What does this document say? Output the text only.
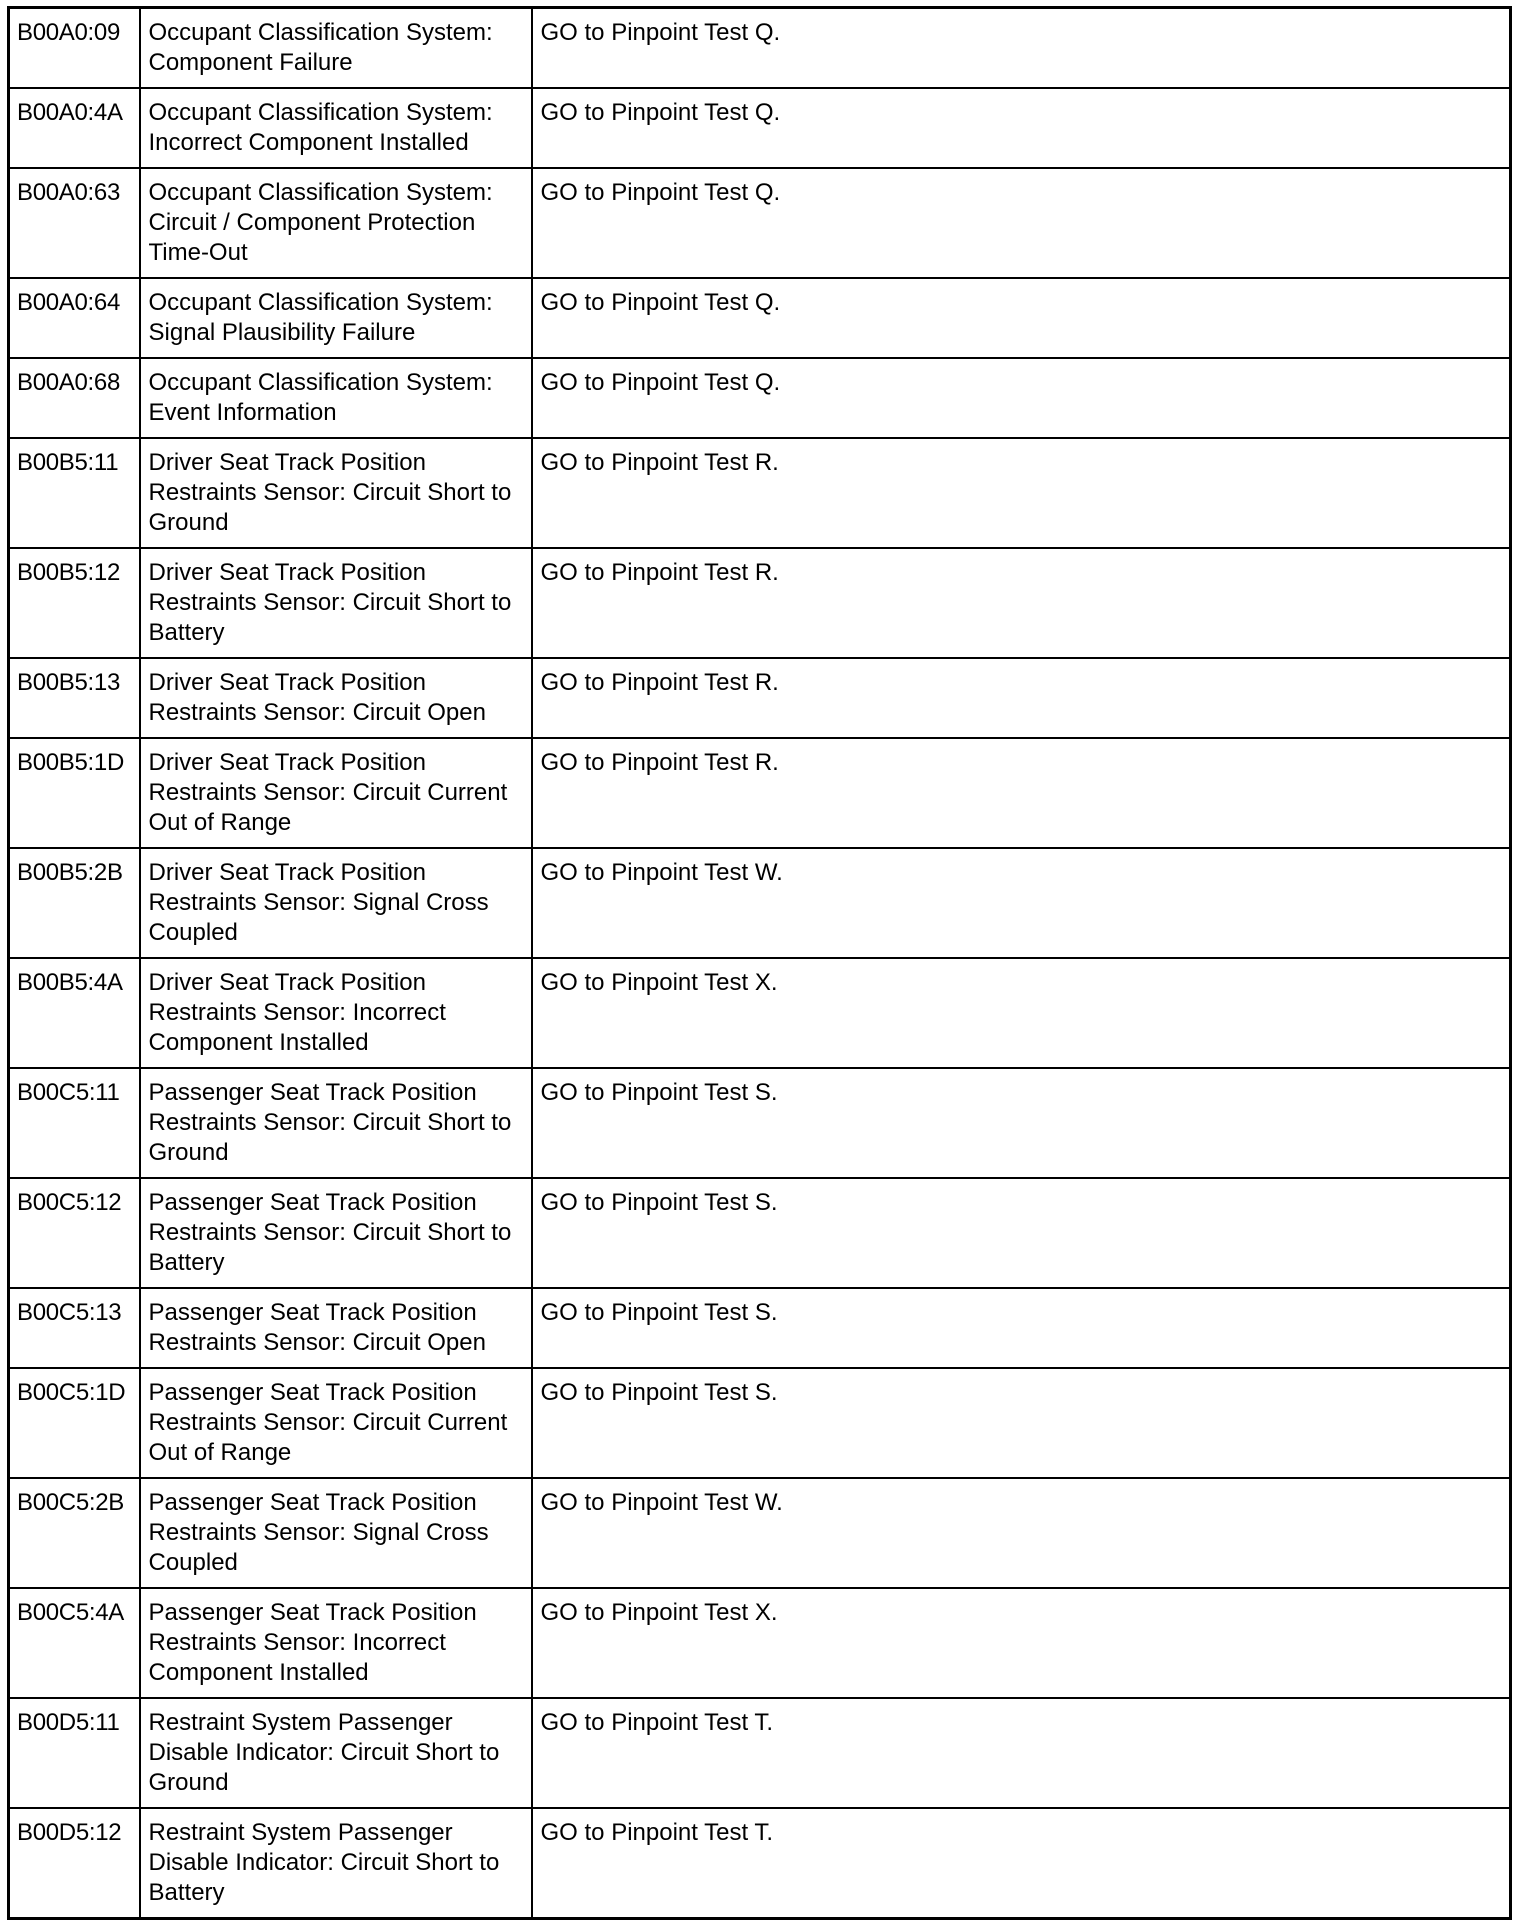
B00A0:09	Occupant Classification System: Component Failure	GO to Pinpoint Test Q.
B00A0:4A	Occupant Classification System: Incorrect Component Installed	GO to Pinpoint Test Q.
B00A0:63	Occupant Classification System: Circuit / Component Protection Time-Out	GO to Pinpoint Test Q.
B00A0:64	Occupant Classification System: Signal Plausibility Failure	GO to Pinpoint Test Q.
B00A0:68	Occupant Classification System: Event Information	GO to Pinpoint Test Q.
B00B5:11	Driver Seat Track Position Restraints Sensor: Circuit Short to Ground	GO to Pinpoint Test R.
B00B5:12	Driver Seat Track Position Restraints Sensor: Circuit Short to Battery	GO to Pinpoint Test R.
B00B5:13	Driver Seat Track Position Restraints Sensor: Circuit Open	GO to Pinpoint Test R.
B00B5:1D	Driver Seat Track Position Restraints Sensor: Circuit Current Out of Range	GO to Pinpoint Test R.
B00B5:2B	Driver Seat Track Position Restraints Sensor: Signal Cross Coupled	GO to Pinpoint Test W.
B00B5:4A	Driver Seat Track Position Restraints Sensor: Incorrect Component Installed	GO to Pinpoint Test X.
B00C5:11	Passenger Seat Track Position Restraints Sensor: Circuit Short to Ground	GO to Pinpoint Test S.
B00C5:12	Passenger Seat Track Position Restraints Sensor: Circuit Short to Battery	GO to Pinpoint Test S.
B00C5:13	Passenger Seat Track Position Restraints Sensor: Circuit Open	GO to Pinpoint Test S.
B00C5:1D	Passenger Seat Track Position Restraints Sensor: Circuit Current Out of Range	GO to Pinpoint Test S.
B00C5:2B	Passenger Seat Track Position Restraints Sensor: Signal Cross Coupled	GO to Pinpoint Test W.
B00C5:4A	Passenger Seat Track Position Restraints Sensor: Incorrect Component Installed	GO to Pinpoint Test X.
B00D5:11	Restraint System Passenger Disable Indicator: Circuit Short to Ground	GO to Pinpoint Test T.
B00D5:12	Restraint System Passenger Disable Indicator: Circuit Short to Battery	GO to Pinpoint Test T.
